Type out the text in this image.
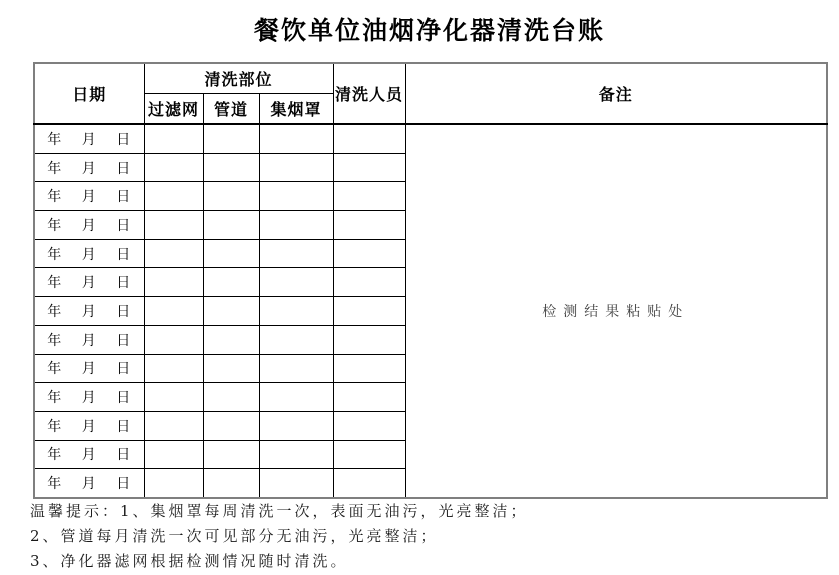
餐饮单位油烟净化器清洗台账
日期	清洗部位			清洗人员	备注
	过滤网	管道	集烟罩		
年 月 日					检测结果粘贴处
年 月 日					
年 月 日					
年 月 日					
年 月 日					
年 月 日					
年 月 日					
年 月 日					
年 月 日					
年 月 日					
年 月 日					
年 月 日					
年 月 日					
温馨提示：1、集烟罩每周清洗一次，表面无油污，光亮整洁；
2、管道每月清洗一次可见部分无油污，光亮整洁；
3、净化器滤网根据检测情况随时清洗。
